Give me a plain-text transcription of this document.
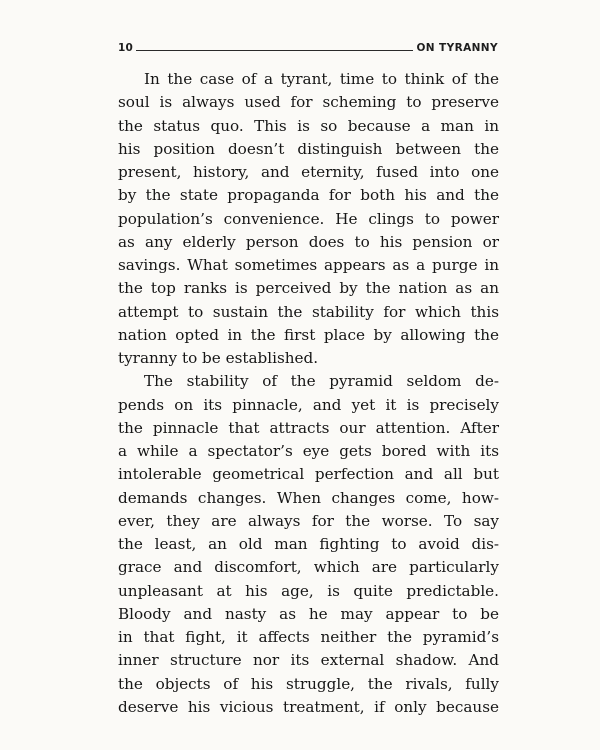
10	ON TYRANNY
In the case of a tyrant, time to think of the
soul is always used for scheming to preserve
the status quo. This is so because a man in
his position doesn’t distinguish between the
present, history, and eternity, fused into one
by the state propaganda for both his and the
population’s convenience. He clings to power
as any elderly person does to his pension or
savings. What sometimes appears as a purge in
the top ranks is perceived by the nation as an
attempt to sustain the stability for which this
nation opted in the first place by allowing the
tyranny to be established.
The stability of the pyramid seldom de-
pends on its pinnacle, and yet it is precisely
the pinnacle that attracts our attention. After
a while a spectator’s eye gets bored with its
intolerable geometrical perfection and all but
demands changes. When changes come, how-
ever, they are always for the worse. To say
the least, an old man fighting to avoid dis-
grace and discomfort, which are particularly
unpleasant at his age, is quite predictable.
Bloody and nasty as he may appear to be
in that fight, it affects neither the pyramid’s
inner structure nor its external shadow. And
the objects of his struggle, the rivals, fully
deserve his vicious treatment, if only because
